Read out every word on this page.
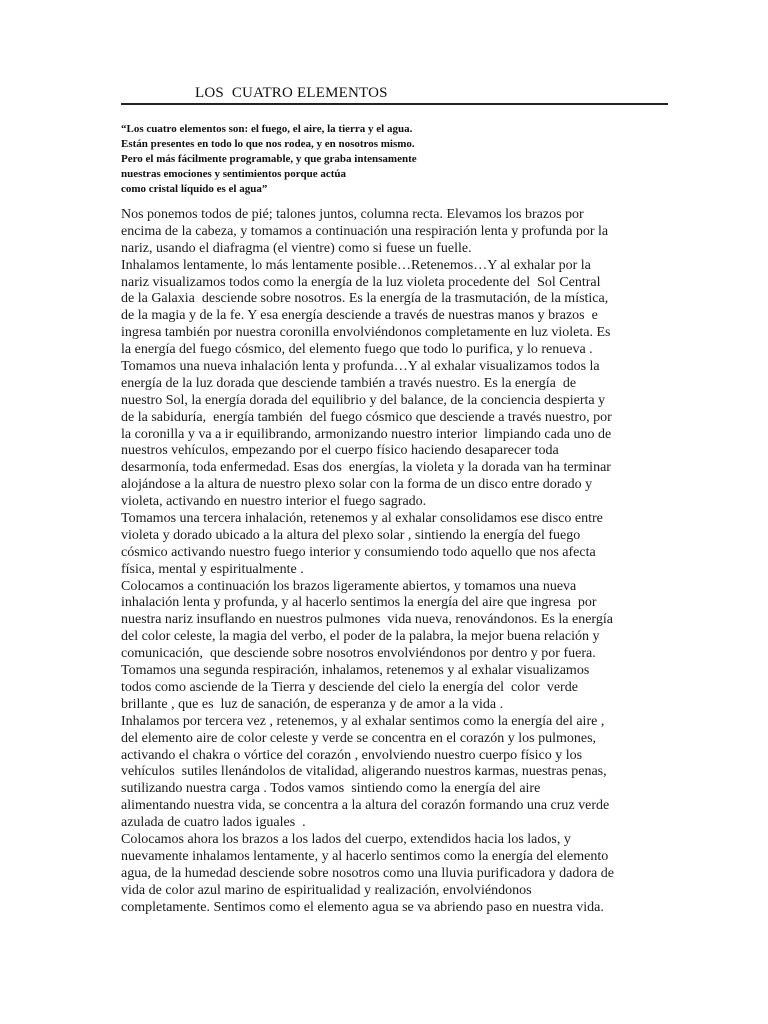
LOS  CUATRO ELEMENTOS
“Los cuatro elementos son: el fuego, el aire, la tierra y el agua.
Están presentes en todo lo que nos rodea, y en nosotros mismo.
Pero el más fácilmente programable, y que graba intensamente
nuestras emociones y sentimientos porque actúa
como cristal líquido es el agua”
Nos ponemos todos de pié; talones juntos, columna recta. Elevamos los brazos por
encima de la cabeza, y tomamos a continuación una respiración lenta y profunda por la
nariz, usando el diafragma (el vientre) como si fuese un fuelle.
Inhalamos lentamente, lo más lentamente posible…Retenemos…Y al exhalar por la
nariz visualizamos todos como la energía de la luz violeta procedente del  Sol Central
de la Galaxia  desciende sobre nosotros. Es la energía de la trasmutación, de la mística,
de la magia y de la fe. Y esa energía desciende a través de nuestras manos y brazos  e
ingresa también por nuestra coronilla envolviéndonos completamente en luz violeta. Es
la energía del fuego cósmico, del elemento fuego que todo lo purifica, y lo renueva .
Tomamos una nueva inhalación lenta y profunda…Y al exhalar visualizamos todos la
energía de la luz dorada que desciende también a través nuestro. Es la energía  de
nuestro Sol, la energía dorada del equilibrio y del balance, de la conciencia despierta y
de la sabiduría,  energía también  del fuego cósmico que desciende a través nuestro, por
la coronilla y va a ir equilibrando, armonizando nuestro interior  limpiando cada uno de
nuestros vehículos, empezando por el cuerpo físico haciendo desaparecer toda
desarmonía, toda enfermedad. Esas dos  energías, la violeta y la dorada van ha terminar
alojándose a la altura de nuestro plexo solar con la forma de un disco entre dorado y
violeta, activando en nuestro interior el fuego sagrado.
Tomamos una tercera inhalación, retenemos y al exhalar consolidamos ese disco entre
violeta y dorado ubicado a la altura del plexo solar , sintiendo la energía del fuego
cósmico activando nuestro fuego interior y consumiendo todo aquello que nos afecta
física, mental y espiritualmente .
Colocamos a continuación los brazos ligeramente abiertos, y tomamos una nueva
inhalación lenta y profunda, y al hacerlo sentimos la energía del aire que ingresa  por
nuestra nariz insuflando en nuestros pulmones  vida nueva, renovándonos. Es la energía
del color celeste, la magia del verbo, el poder de la palabra, la mejor buena relación y
comunicación,  que desciende sobre nosotros envolviéndonos por dentro y por fuera.
Tomamos una segunda respiración, inhalamos, retenemos y al exhalar visualizamos
todos como asciende de la Tierra y desciende del cielo la energía del  color  verde
brillante , que es  luz de sanación, de esperanza y de amor a la vida .
Inhalamos por tercera vez , retenemos, y al exhalar sentimos como la energía del aire ,
del elemento aire de color celeste y verde se concentra en el corazón y los pulmones,
activando el chakra o vórtice del corazón , envolviendo nuestro cuerpo físico y los
vehículos  sutiles llenándolos de vitalidad, aligerando nuestros karmas, nuestras penas,
sutilizando nuestra carga . Todos vamos  sintiendo como la energía del aire
alimentando nuestra vida, se concentra a la altura del corazón formando una cruz verde
azulada de cuatro lados iguales  .
Colocamos ahora los brazos a los lados del cuerpo, extendidos hacia los lados, y
nuevamente inhalamos lentamente, y al hacerlo sentimos como la energía del elemento
agua, de la humedad desciende sobre nosotros como una lluvia purificadora y dadora de
vida de color azul marino de espiritualidad y realización, envolviéndonos
completamente. Sentimos como el elemento agua se va abriendo paso en nuestra vida.
